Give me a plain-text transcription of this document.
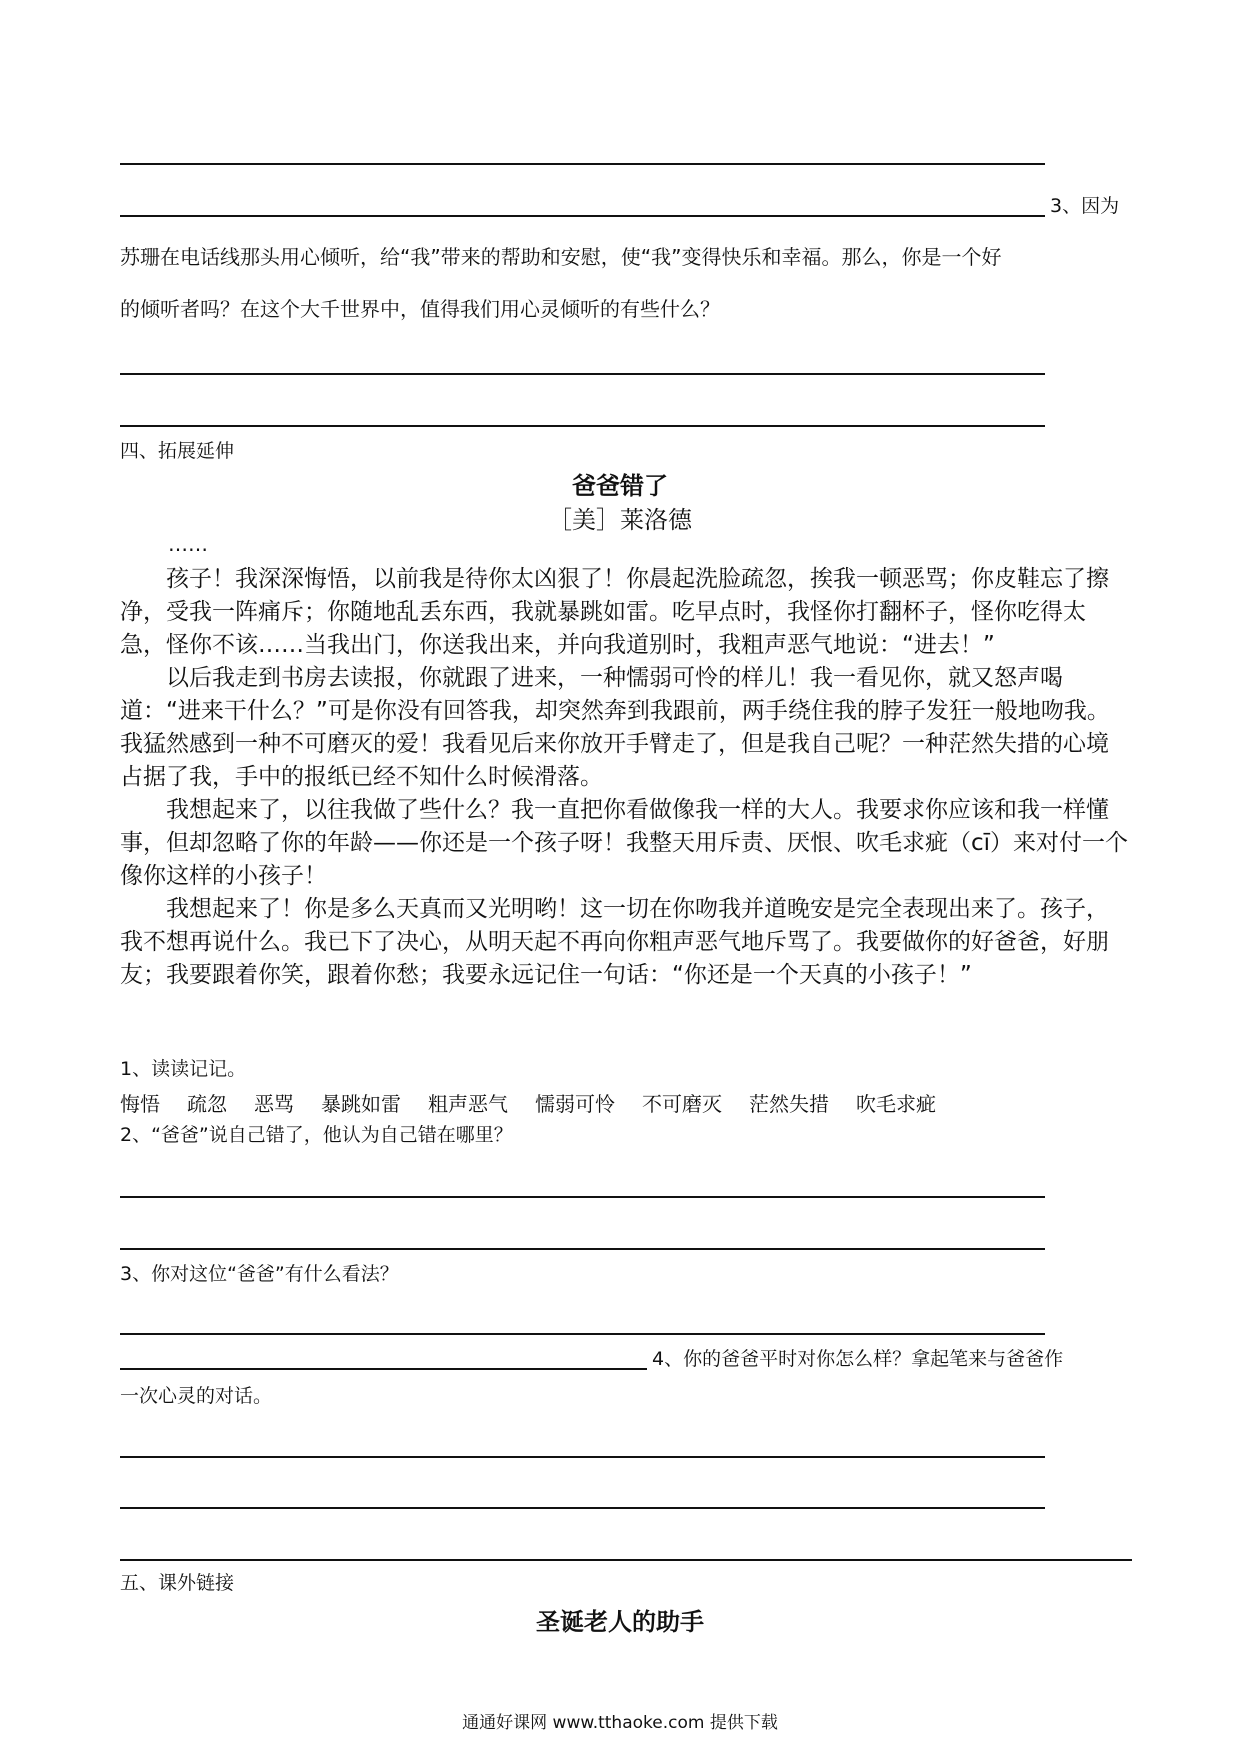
3、因为
苏珊在电话线那头用心倾听，给“我”带来的帮助和安慰，使“我”变得快乐和幸福。那么，你是一个好
的倾听者吗？在这个大千世界中，值得我们用心灵倾听的有些什么？
四、拓展延伸
爸爸错了
［美］莱洛德
……

孩子！我深深悔悟，以前我是待你太凶狠了！你晨起洗脸疏忽，挨我一顿恶骂；你皮鞋忘了擦净，受我一阵痛斥；你随地乱丢东西，我就暴跳如雷。吃早点时，我怪你打翻杯子，怪你吃得太急，怪你不该……当我出门，你送我出来，并向我道别时，我粗声恶气地说：“进去！”

以后我走到书房去读报，你就跟了进来，一种懦弱可怜的样儿！我一看见你，就又怒声喝道：“进来干什么？”可是你没有回答我，却突然奔到我跟前，两手绕住我的脖子发狂一般地吻我。我猛然感到一种不可磨灭的爱！我看见后来你放开手臂走了，但是我自己呢？一种茫然失措的心境占据了我，手中的报纸已经不知什么时候滑落。

我想起来了，以往我做了些什么？我一直把你看做像我一样的大人。我要求你应该和我一样懂事，但却忽略了你的年龄——你还是一个孩子呀！我整天用斥责、厌恨、吹毛求疵（cī）来对付一个像你这样的小孩子！

我想起来了！你是多么天真而又光明哟！这一切在你吻我并道晚安是完全表现出来了。孩子，我不想再说什么。我已下了决心，从明天起不再向你粗声恶气地斥骂了。我要做你的好爸爸，好朋友；我要跟着你笑，跟着你愁；我要永远记住一句话：“你还是一个天真的小孩子！”

1、读读记记。
悔悟 疏忽 恶骂 暴跳如雷 粗声恶气 懦弱可怜 不可磨灭 茫然失措 吹毛求疵
2、“爸爸”说自己错了，他认为自己错在哪里？
3、你对这位“爸爸”有什么看法？
4、你的爸爸平时对你怎么样？拿起笔来与爸爸作
一次心灵的对话。
五、课外链接
圣诞老人的助手
通通好课网 www.tthaoke.com 提供下载
